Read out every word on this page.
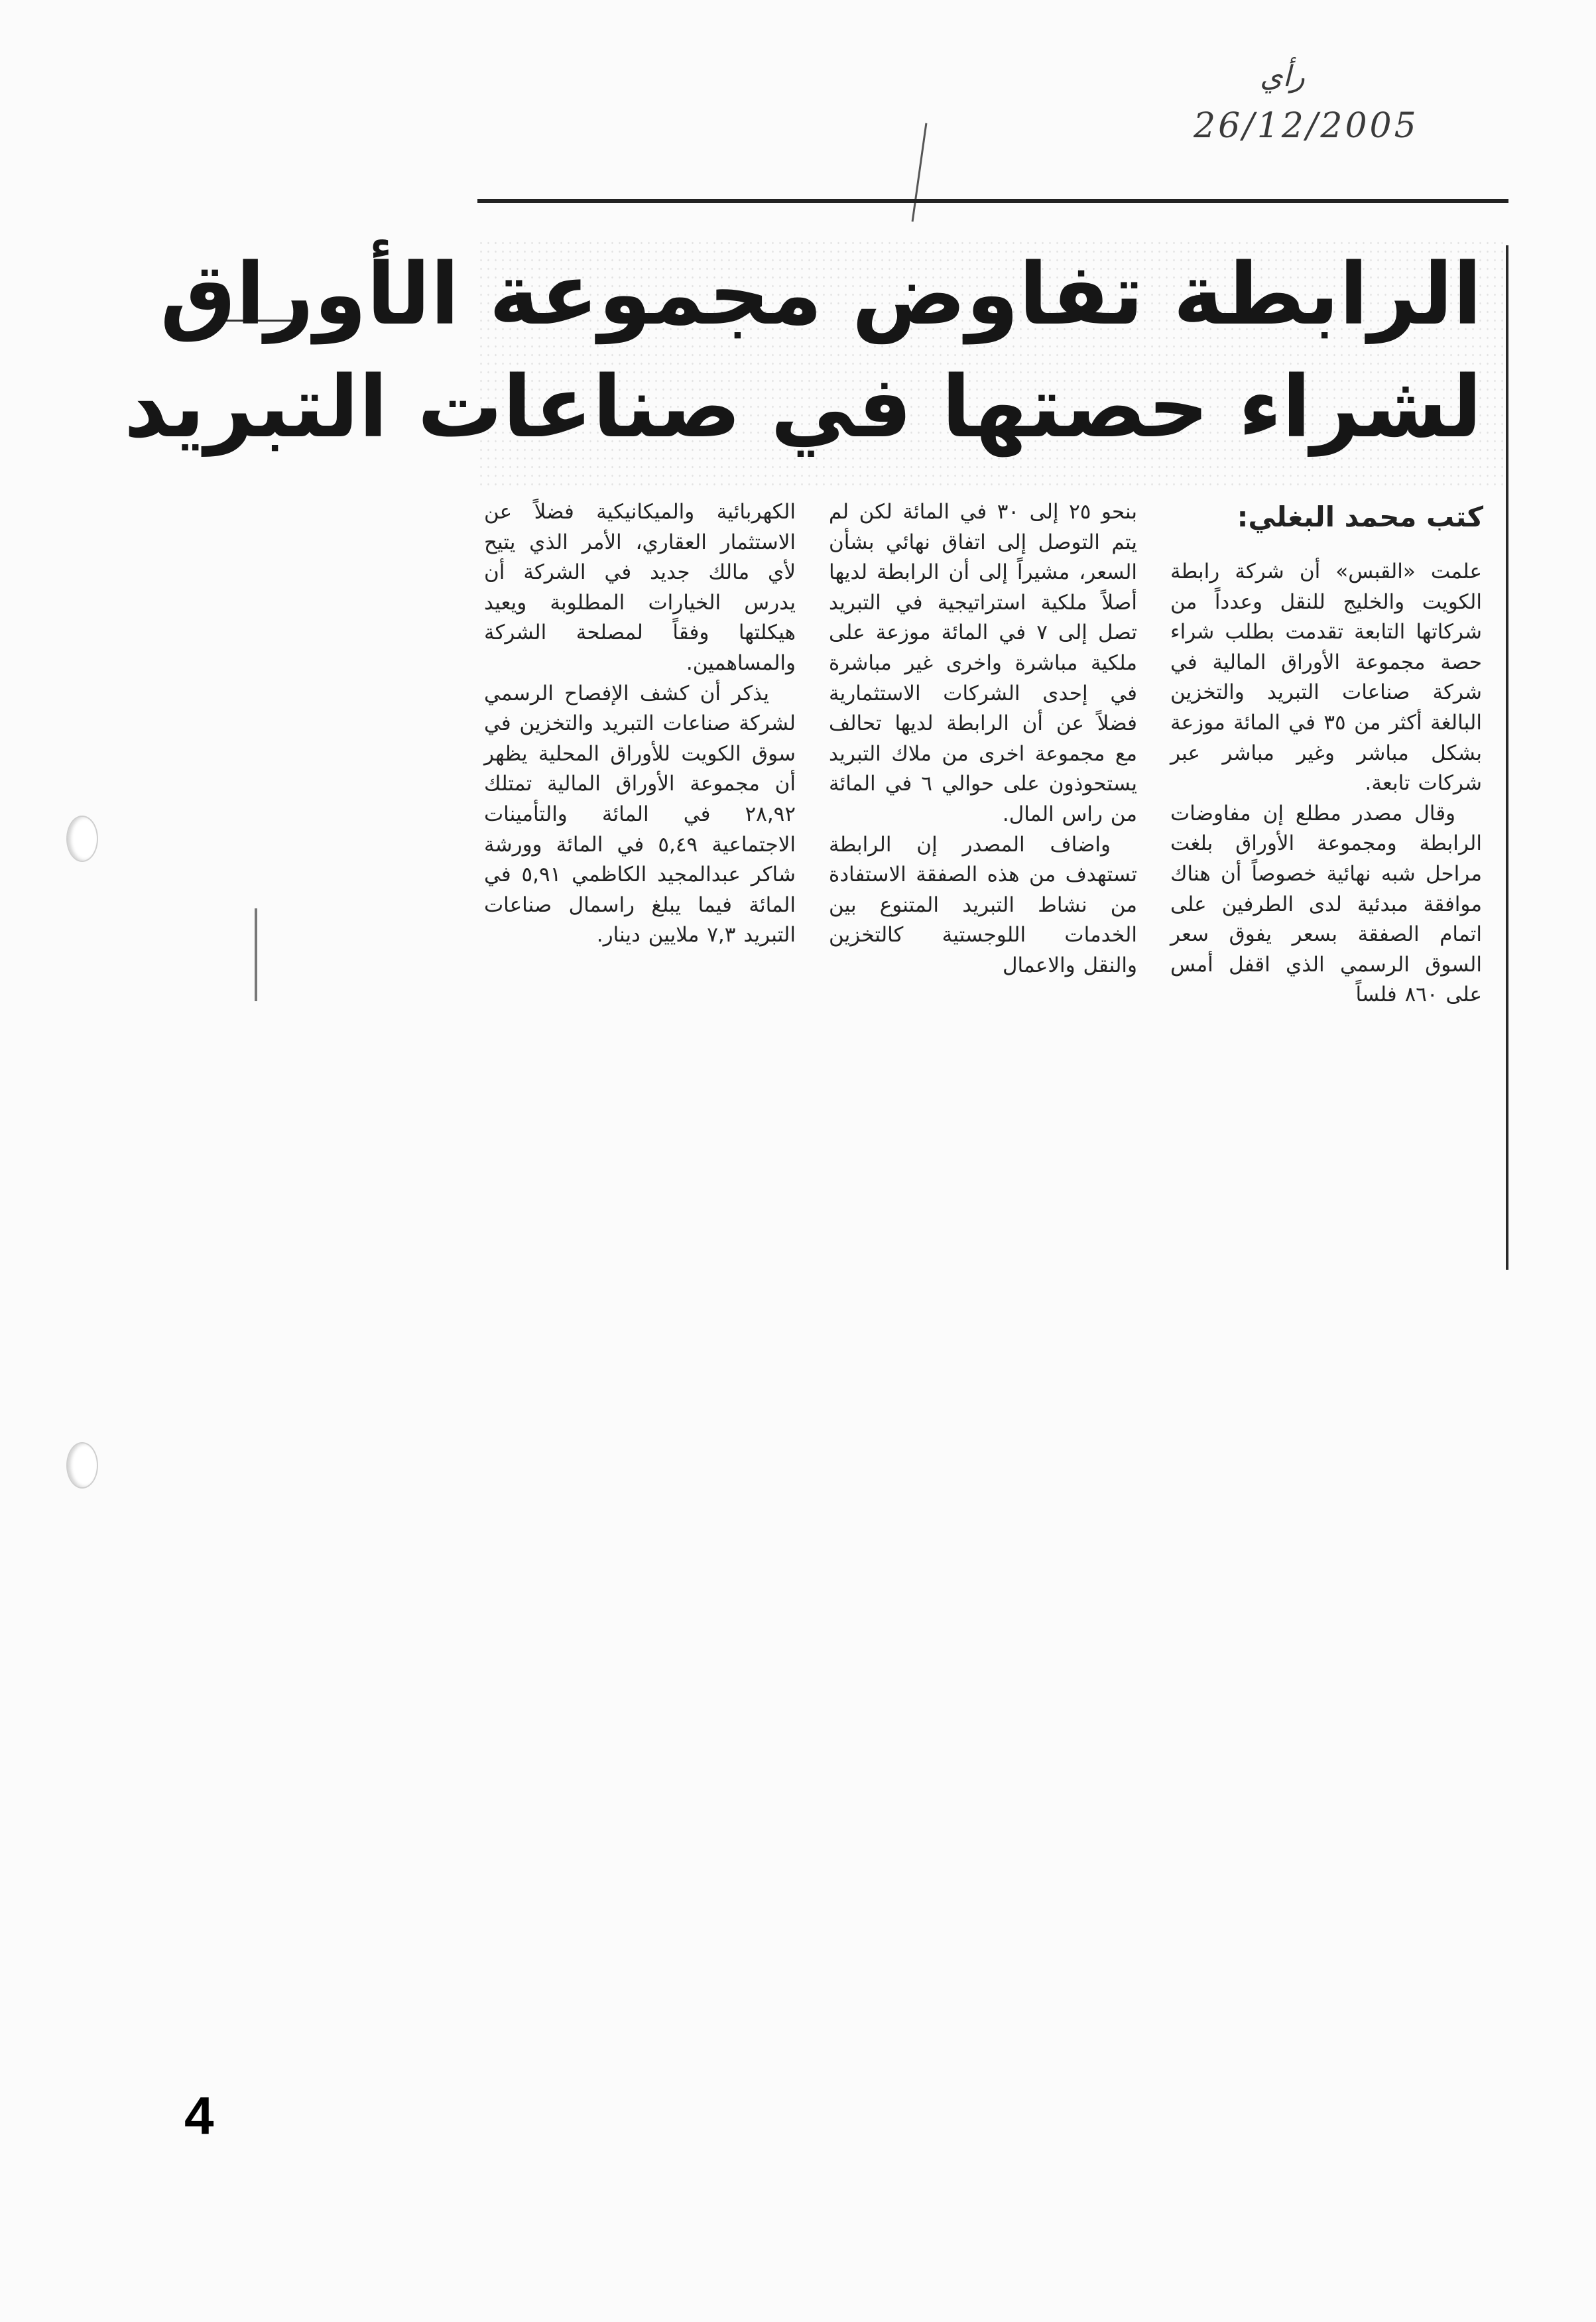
رأي
26/12/2005
الرابطة تفاوض مجموعة الأوراق
لشراء حصتها في صناعات التبريد
كتب محمد البغلي:

علمت «القبس» أن شركة رابطة الكويت والخليج للنقل وعدداً من شركاتها التابعة تقدمت بطلب شراء حصة مجموعة الأوراق المالية في شركة صناعات التبريد والتخزين البالغة أكثر من ٣٥ في المائة موزعة بشكل مباشر وغير مباشر عبر شركات تابعة.

وقال مصدر مطلع إن مفاوضات الرابطة ومجموعة الأوراق بلغت مراحل شبه نهائية خصوصاً أن هناك موافقة مبدئية لدى الطرفين على اتمام الصفقة بسعر يفوق سعر السوق الرسمي الذي اقفل أمس على ٨٦٠ فلساً

بنحو ٢٥ إلى ٣٠ في المائة لكن لم يتم التوصل إلى اتفاق نهائي بشأن السعر، مشيراً إلى أن الرابطة لديها أصلاً ملكية استراتيجية في التبريد تصل إلى ٧ في المائة موزعة على ملكية مباشرة واخرى غير مباشرة في إحدى الشركات الاستثمارية فضلاً عن أن الرابطة لديها تحالف مع مجموعة اخرى من ملاك التبريد يستحوذون على حوالي ٦ في المائة من راس المال.

واضاف المصدر إن الرابطة تستهدف من هذه الصفقة الاستفادة من نشاط التبريد المتنوع بين الخدمات اللوجستية كالتخزين والنقل والاعمال

الكهربائية والميكانيكية فضلاً عن الاستثمار العقاري، الأمر الذي يتيح لأي مالك جديد في الشركة أن يدرس الخيارات المطلوبة ويعيد هيكلتها وفقاً لمصلحة الشركة والمساهمين.

يذكر أن كشف الإفصاح الرسمي لشركة صناعات التبريد والتخزين في سوق الكويت للأوراق المحلية يظهر أن مجموعة الأوراق المالية تمتلك ٢٨,٩٢ في المائة والتأمينات الاجتماعية ٥,٤٩ في المائة وورشة شاكر عبدالمجيد الكاظمي ٥,٩١ في المائة فيما يبلغ راسمال صناعات التبريد ٧,٣ ملايين دينار.

4
